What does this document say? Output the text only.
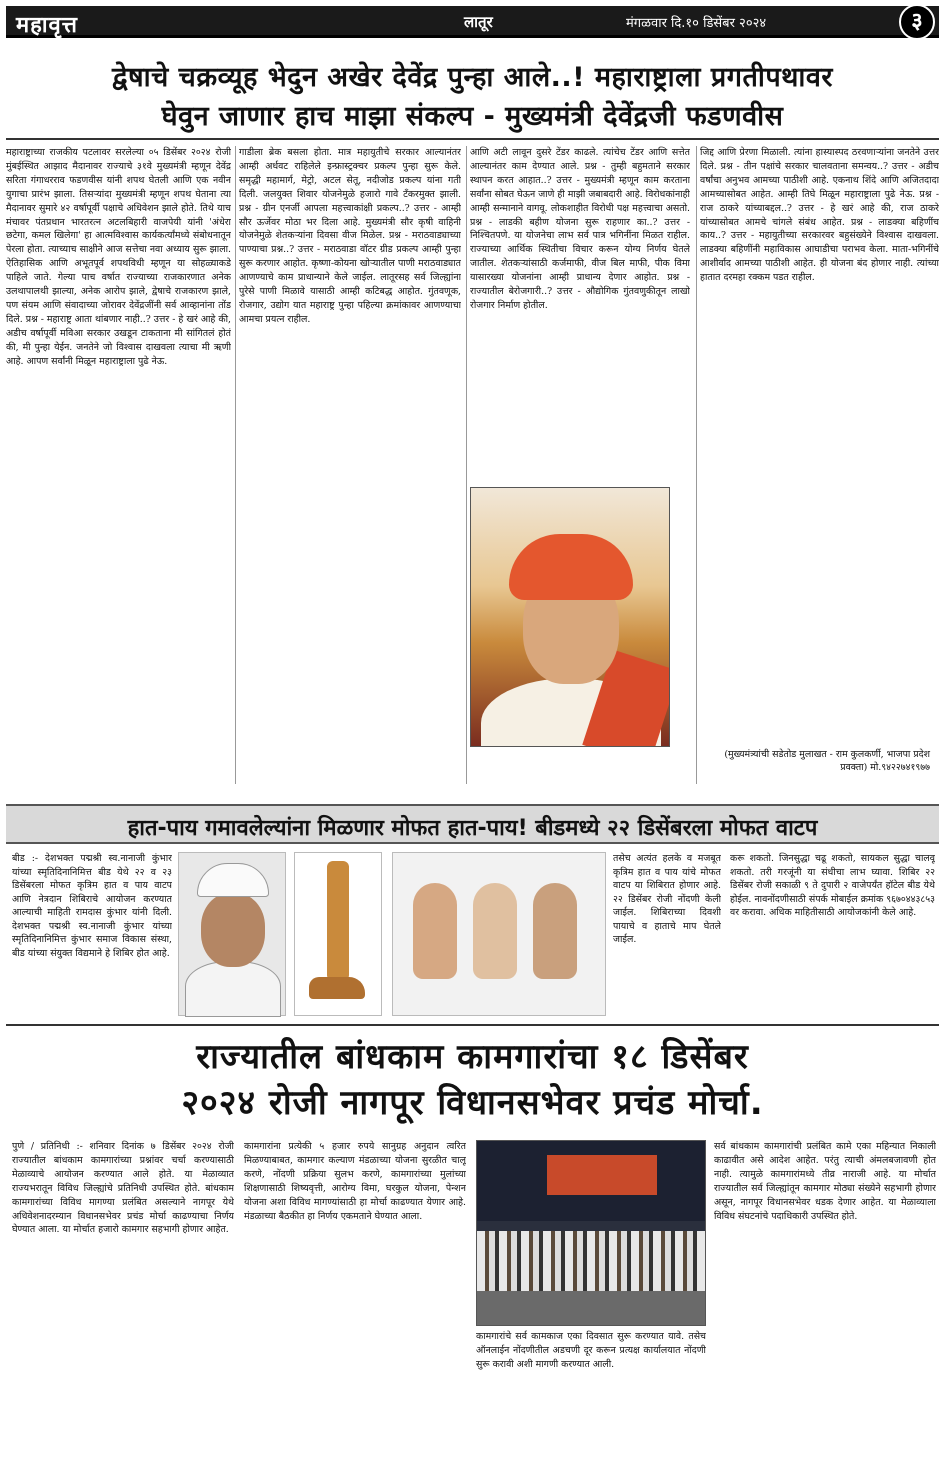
महावृत्त	लातूर	मंगळवार दि.१० डिसेंबर २०२४	३
द्वेषाचे चक्रव्यूह भेदुन अखेर देवेंद्र पुन्हा आले..! महाराष्ट्राला प्रगतीपथावर
घेवुन जाणार हाच माझा संकल्प - मुख्यमंत्री देवेंद्रजी फडणवीस
महाराष्ट्राच्या राजकीय पटलावर सरलेल्या ०५ डिसेंबर २०२४ रोजी मुंबईस्थित आझाद मैदानावर राज्याचे ३१वे मुख्यमंत्री म्हणून देवेंद्र सरिता गंगाधरराव फडणवीस यांनी शपथ घेतली आणि एक नवीन युगाचा प्रारंभ झाला. तिसर्‍यांदा मुख्यमंत्री म्हणून शपथ घेताना त्या मैदानावर सुमारे ४२ वर्षापूर्वी पक्षाचे अधिवेशन झाले होते. तिथे याच मंचावर पंतप्रधान भारतरत्न अटलबिहारी वाजपेयी यांनी 'अंधेरा छटेगा, कमल खिलेगा' हा आत्मविश्वास कार्यकर्त्यांमध्ये संबोधनातून पेरला होता. त्याच्याच साक्षीने आज सत्तेचा नवा अध्याय सुरू झाला. ऐतिहासिक आणि अभूतपूर्व शपथविधी म्हणून या सोहळ्याकडे पाहिले जाते. गेल्या पाच वर्षात राज्याच्या राजकारणात अनेक उलथापालथी झाल्या, अनेक आरोप झाले, द्वेषाचे राजकारण झाले, पण संयम आणि संवादाच्या जोरावर देवेंद्रजींनी सर्व आव्हानांना तोंड दिले. प्रश्न - महाराष्ट्र आता थांबणार नाही..? उत्तर - हे खरं आहे की, अडीच वर्षापूर्वी मविआ सरकार उखडून टाकताना मी सांगितलं होतं की, मी पुन्हा येईन. जनतेने जो विश्वास दाखवला त्याचा मी ऋणी आहे. आपण सर्वांनी मिळून महाराष्ट्राला पुढे नेऊ.
गाडीला ब्रेक बसला होता. मात्र महायुतीचे सरकार आल्यानंतर आम्ही अर्धवट राहिलेले इन्फ्रास्ट्रक्चर प्रकल्प पुन्हा सुरू केले. समृद्धी महामार्ग, मेट्रो, अटल सेतू, नदीजोड प्रकल्प यांना गती दिली. जलयुक्त शिवार योजनेमुळे हजारो गावे टँकरमुक्त झाली. प्रश्न - ग्रीन एनर्जी आपला महत्त्वाकांक्षी प्रकल्प..? उत्तर - आम्ही सौर ऊर्जेवर मोठा भर दिला आहे. मुख्यमंत्री सौर कृषी वाहिनी योजनेमुळे शेतकऱ्यांना दिवसा वीज मिळेल. प्रश्न - मराठवाड्याच्या पाण्याचा प्रश्न..? उत्तर - मराठवाडा वॉटर ग्रीड प्रकल्प आम्ही पुन्हा सुरू करणार आहोत. कृष्णा-कोयना खोऱ्यातील पाणी मराठवाड्यात आणण्याचे काम प्राधान्याने केले जाईल. लातूरसह सर्व जिल्ह्यांना पुरेसे पाणी मिळावे यासाठी आम्ही कटिबद्ध आहोत. गुंतवणूक, रोजगार, उद्योग यात महाराष्ट्र पुन्हा पहिल्या क्रमांकावर आणण्याचा आमचा प्रयत्न राहील.
आणि अटी लावून दुसरे टेंडर काढले. त्यांचेच टेंडर आणि सत्तेत आल्यानंतर काम देण्यात आले. प्रश्न - तुम्ही बहुमताने सरकार स्थापन करत आहात..? उत्तर - मुख्यमंत्री म्हणून काम करताना सर्वांना सोबत घेऊन जाणे ही माझी जबाबदारी आहे. विरोधकांनाही आम्ही सन्मानाने वागवू. लोकशाहीत विरोधी पक्ष महत्त्वाचा असतो. प्रश्न - लाडकी बहीण योजना सुरू राहणार का..? उत्तर - निश्चितपणे. या योजनेचा लाभ सर्व पात्र भगिनींना मिळत राहील. राज्याच्या आर्थिक स्थितीचा विचार करून योग्य निर्णय घेतले जातील. शेतकऱ्यांसाठी कर्जमाफी, वीज बिल माफी, पीक विमा यासारख्या योजनांना आम्ही प्राधान्य देणार आहोत. प्रश्न - राज्यातील बेरोजगारी..? उत्तर - औद्योगिक गुंतवणुकीतून लाखो रोजगार निर्माण होतील.
जिद्द आणि प्रेरणा मिळाली. त्यांना हास्यास्पद ठरवणाऱ्यांना जनतेने उत्तर दिले. प्रश्न - तीन पक्षांचे सरकार चालवताना समन्वय..? उत्तर - अडीच वर्षांचा अनुभव आमच्या पाठीशी आहे. एकनाथ शिंदे आणि अजितदादा आमच्यासोबत आहेत. आम्ही तिघे मिळून महाराष्ट्राला पुढे नेऊ. प्रश्न - राज ठाकरे यांच्याबद्दल..? उत्तर - हे खरं आहे की, राज ठाकरे यांच्यासोबत आमचे चांगले संबंध आहेत. प्रश्न - लाडक्या बहिणींच काय..? उत्तर - महायुतीच्या सरकारवर बहुसंख्येने विश्वास दाखवला. लाडक्या बहिणींनी महाविकास आघाडीचा पराभव केला. माता-भगिनींचे आशीर्वाद आमच्या पाठीशी आहेत. ही योजना बंद होणार नाही. त्यांच्या हातात दरमहा रक्कम पडत राहील.
(मुख्यमंत्र्यांची सडेतोड मुलाखत - राम कुलकर्णी, भाजपा प्रदेश प्रवक्ता) मो.९४२२७४१९७७
हात-पाय गमावलेल्यांना मिळणार मोफत हात-पाय! बीडमध्ये २२ डिसेंबरला मोफत वाटप
बीड :- देशभक्त पद्मश्री स्व.नानाजी कुंभार यांच्या स्मृतिदिनानिमित्त बीड येथे २२ व २३ डिसेंबरला मोफत कृत्रिम हात व पाय वाटप आणि नेत्रदान शिबिराचे आयोजन करण्यात आल्याची माहिती रामदास कुंभार यांनी दिली. देशभक्त पद्मश्री स्व.नानाजी कुंभार यांच्या स्मृतिदिनानिमित्त कुंभार समाज विकास संस्था, बीड यांच्या संयुक्त विद्यमाने हे शिबिर होत आहे.
तसेच अत्यंत हलके व मजबूत कृत्रिम हात व पाय यांचे मोफत वाटप या शिबिरात होणार आहे. २२ डिसेंबर रोजी नोंदणी केली जाईल. शिबिराच्या दिवशी पायाचे व हाताचे माप घेतले जाईल.
करू शकतो. जिनसुद्धा चढू शकतो, सायकल सुद्धा चालवू शकतो. तरी गरजूंनी या संधीचा लाभ घ्यावा. शिबिर २२ डिसेंबर रोजी सकाळी ९ ते दुपारी २ वाजेपर्यंत हॉटेल बीड येथे होईल. नावनोंदणीसाठी संपर्क मोबाईल क्रमांक ९६७०४४३८५३ वर करावा. अधिक माहितीसाठी आयोजकांनी केले आहे.
राज्यातील बांधकाम कामगारांचा १८ डिसेंबर
२०२४ रोजी नागपूर विधानसभेवर प्रचंड मोर्चा.
पुणे / प्रतिनिधी :- शनिवार दिनांक ७ डिसेंबर २०२४ रोजी राज्यातील बांधकाम कामगारांच्या प्रश्नांवर चर्चा करण्यासाठी मेळाव्याचे आयोजन करण्यात आले होते. या मेळाव्यात राज्यभरातून विविध जिल्ह्यांचे प्रतिनिधी उपस्थित होते. बांधकाम कामगारांच्या विविध मागण्या प्रलंबित असल्याने नागपूर येथे अधिवेशनादरम्यान विधानसभेवर प्रचंड मोर्चा काढण्याचा निर्णय घेण्यात आला. या मोर्चात हजारो कामगार सहभागी होणार आहेत.
कामगारांना प्रत्येकी ५ हजार रुपये सानुग्रह अनुदान त्वरित मिळण्याबाबत, कामगार कल्याण मंडळाच्या योजना सुरळीत चालू करणे, नोंदणी प्रक्रिया सुलभ करणे, कामगारांच्या मुलांच्या शिक्षणासाठी शिष्यवृत्ती, आरोग्य विमा, घरकुल योजना, पेन्शन योजना अशा विविध मागण्यांसाठी हा मोर्चा काढण्यात येणार आहे. मंडळाच्या बैठकीत हा निर्णय एकमताने घेण्यात आला.
कामगारांचे सर्व कामकाज एका दिवसात सुरू करण्यात यावे. तसेच ऑनलाईन नोंदणीतील अडचणी दूर करून प्रत्यक्ष कार्यालयात नोंदणी सुरू करावी अशी मागणी करण्यात आली.
सर्व बांधकाम कामगारांची प्रलंबित कामे एका महिन्यात निकाली काढावीत असे आदेश आहेत. परंतु त्याची अंमलबजावणी होत नाही. त्यामुळे कामगारांमध्ये तीव्र नाराजी आहे. या मोर्चात राज्यातील सर्व जिल्ह्यांतून कामगार मोठ्या संख्येने सहभागी होणार असून, नागपूर विधानसभेवर धडक देणार आहेत. या मेळाव्याला विविध संघटनांचे पदाधिकारी उपस्थित होते.
